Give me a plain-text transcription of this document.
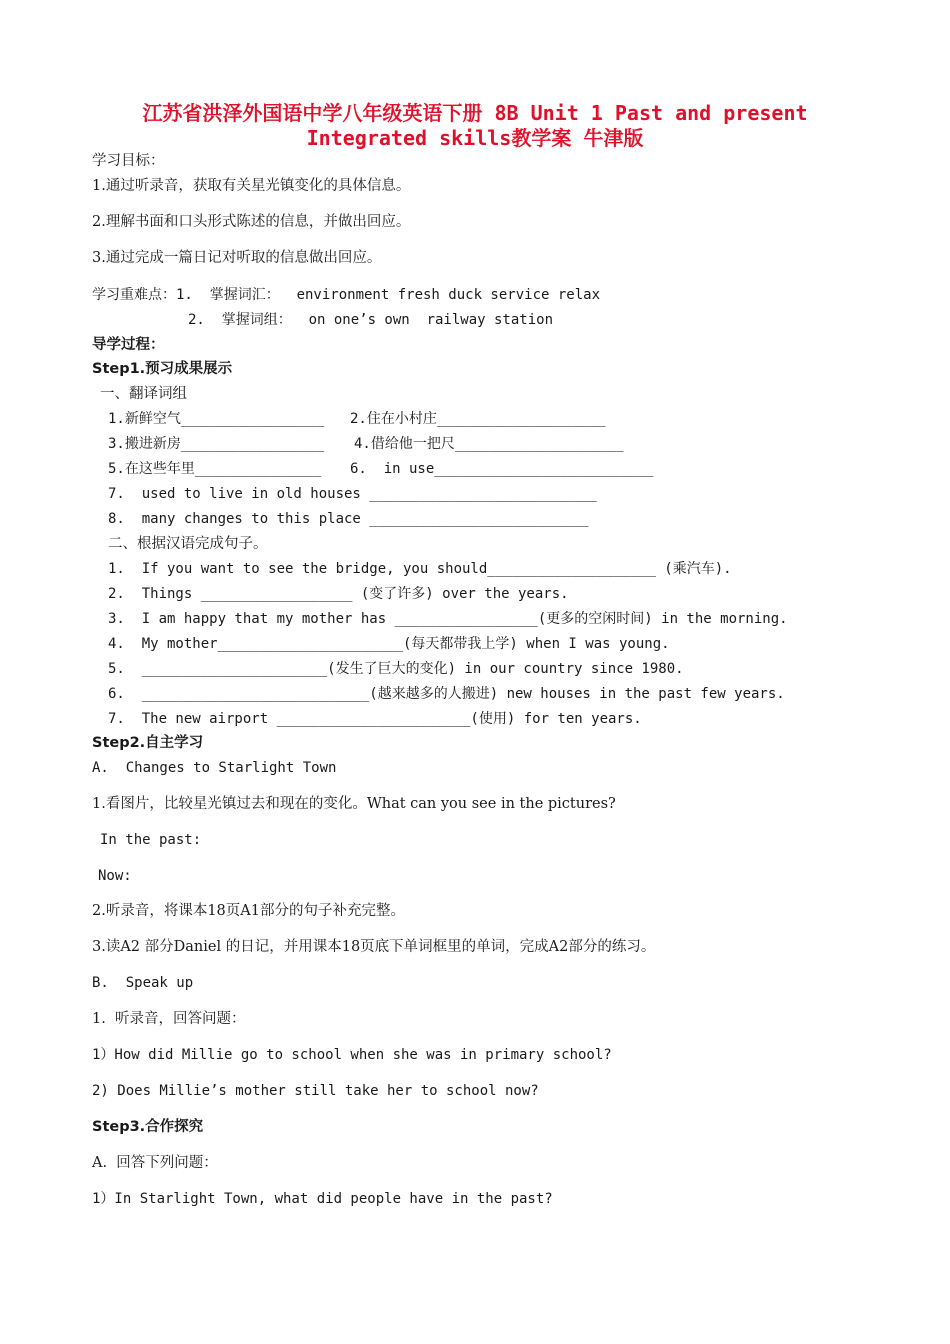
江苏省洪泽外国语中学八年级英语下册 8B Unit 1 Past and present
Integrated skills教学案 牛津版
学习目标：
1.通过听录音，获取有关星光镇变化的具体信息。
2.理解书面和口头形式陈述的信息，并做出回应。
3.通过完成一篇日记对听取的信息做出回应。
学习重难点：1.  掌握词汇：  environment fresh duck service relax
2.  掌握词组：  on one’s own  railway station
导学过程：
Step1.预习成果展示
一、翻译词组
1.新鲜空气_________________ 2.住在小村庄____________________
3.搬进新房_________________ 4.借给他一把尺____________________
5.在这些年里_______________ 6.  in use__________________________
7.  used to live in old houses ___________________________
8.  many changes to this place __________________________
二、根据汉语完成句子。
1.  If you want to see the bridge, you should____________________ (乘汽车).
2.  Things __________________ (变了许多) over the years.
3.  I am happy that my mother has _________________(更多的空闲时间) in the morning.
4.  My mother______________________(每天都带我上学) when I was young.
5.  ______________________(发生了巨大的变化) in our country since 1980.
6.  ___________________________(越来越多的人搬进) new houses in the past few years.
7.  The new airport _______________________(使用) for ten years.
Step2.自主学习
A.  Changes to Starlight Town
1.看图片，比较星光镇过去和现在的变化。What can you see in the pictures?
In the past:
Now:
2.听录音，将课本18页A1部分的句子补充完整。
3.读A2 部分Daniel 的日记，并用课本18页底下单词框里的单词，完成A2部分的练习。
B.  Speak up
1.  听录音，回答问题：
1）How did Millie go to school when she was in primary school?
2) Does Millie’s mother still take her to school now?
Step3.合作探究
A.  回答下列问题：
1）In Starlight Town, what did people have in the past?
